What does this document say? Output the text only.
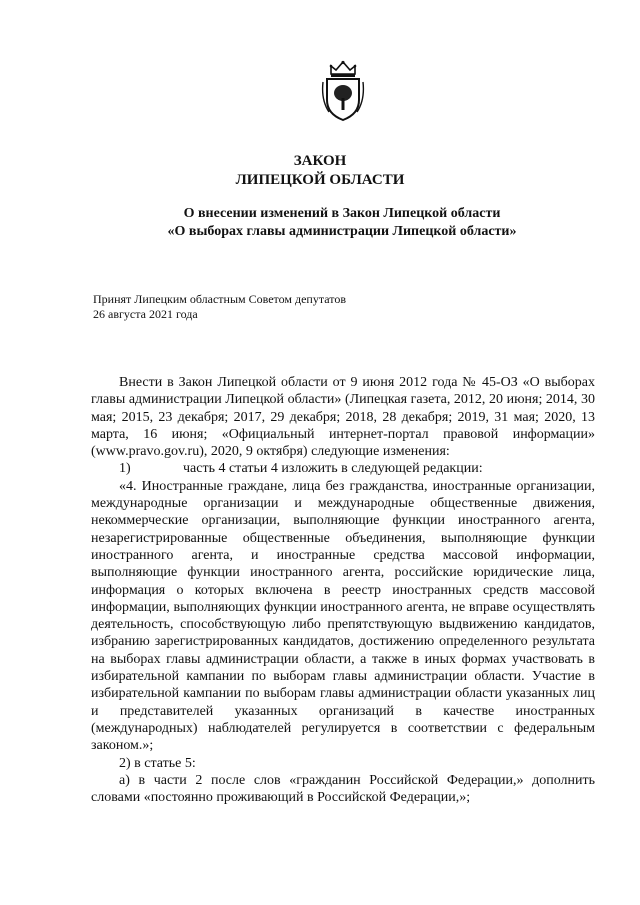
ЗАКОН
ЛИПЕЦКОЙ ОБЛАСТИ
О внесении изменений в Закон Липецкой области
«О выборах главы администрации Липецкой области»
Принят Липецким областным Советом депутатов
26 августа 2021 года

Внести в Закон Липецкой области от 9 июня 2012 года № 45-ОЗ «О выборах главы администрации Липецкой области» (Липецкая газета, 2012, 20 июня; 2014, 30 мая; 2015, 23 декабря; 2017, 29 декабря; 2018, 28 декабря; 2019, 31 мая; 2020, 13 марта, 16 июня; «Официальный интернет-портал правовой информации» (www.pravo.gov.ru), 2020, 9 октября) следующие изменения:

1)	часть 4 статьи 4 изложить в следующей редакции:

«4. Иностранные граждане, лица без гражданства, иностранные организации, международные организации и международные общественные движения, некоммерческие организации, выполняющие функции иностранного агента, незарегистрированные общественные объединения, выполняющие функции иностранного агента, и иностранные средства массовой информации, выполняющие функции иностранного агента, российские юридические лица, информация о которых включена в реестр иностранных средств массовой информации, выполняющих функции иностранного агента, не вправе осуществлять деятельность, способствующую либо препятствующую выдвижению кандидатов, избранию зарегистрированных кандидатов, достижению определенного результата на выборах главы администрации области, а также в иных формах участвовать в избирательной кампании по выборам главы администрации области. Участие в избирательной кампании по выборам главы администрации области указанных лиц и представителей указанных организаций в качестве иностранных (международных) наблюдателей регулируется в соответствии с федеральным законом.»;

2) в статье 5:

а) в части 2 после слов «гражданин Российской Федерации,» дополнить словами «постоянно проживающий в Российской Федерации,»;
